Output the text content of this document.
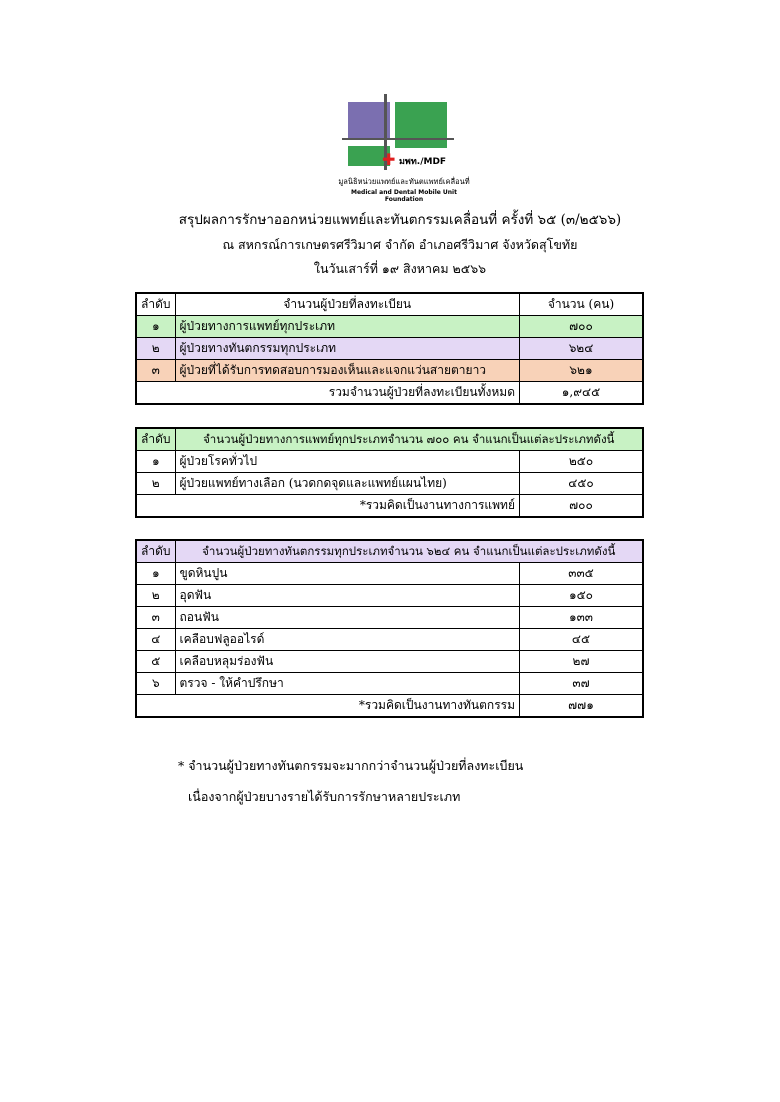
✚ มพท./MDF
มูลนิธิหน่วยแพทย์และทันตแพทย์เคลื่อนที่
Medical and Dental Mobile Unit Foundation
สรุปผลการรักษาออกหน่วยแพทย์และทันตกรรมเคลื่อนที่ ครั้งที่ ๖๕ (๓/๒๕๖๖)
ณ สหกรณ์การเกษตรศรีวิมาศ จำกัด อำเภอศรีวิมาศ จังหวัดสุโขทัย
ในวันเสาร์ที่ ๑๙ สิงหาคม ๒๕๖๖
ลำดับ	จำนวนผู้ป่วยที่ลงทะเบียน	จำนวน (คน)
๑	ผู้ป่วยทางการแพทย์ทุกประเภท	๗๐๐
๒	ผู้ป่วยทางทันตกรรมทุกประเภท	๖๒๔
๓	ผู้ป่วยที่ได้รับการทดสอบการมองเห็นและแจกแว่นสายตายาว	๖๒๑
รวมจำนวนผู้ป่วยที่ลงทะเบียนทั้งหมด		๑,๙๔๕
ลำดับ	จำนวนผู้ป่วยทางการแพทย์ทุกประเภทจำนวน ๗๐๐ คน จำแนกเป็นแต่ละประเภทดังนี้	
๑	ผู้ป่วยโรคทั่วไป	๒๕๐
๒	ผู้ป่วยแพทย์ทางเลือก (นวดกดจุดและแพทย์แผนไทย)	๔๕๐
*รวมคิดเป็นงานทางการแพทย์		๗๐๐
ลำดับ	จำนวนผู้ป่วยทางทันตกรรมทุกประเภทจำนวน ๖๒๔ คน จำแนกเป็นแต่ละประเภทดังนี้	
๑	ขูดหินปูน	๓๓๕
๒	อุดฟัน	๑๕๐
๓	ถอนฟัน	๑๓๓
๔	เคลือบฟลูออไรด์	๔๕
๕	เคลือบหลุมร่องฟัน	๒๗
๖	ตรวจ - ให้คำปรึกษา	๓๗
*รวมคิดเป็นงานทางทันตกรรม		๗๗๑
* จำนวนผู้ป่วยทางทันตกรรมจะมากกว่าจำนวนผู้ป่วยที่ลงทะเบียน
เนื่องจากผู้ป่วยบางรายได้รับการรักษาหลายประเภท
